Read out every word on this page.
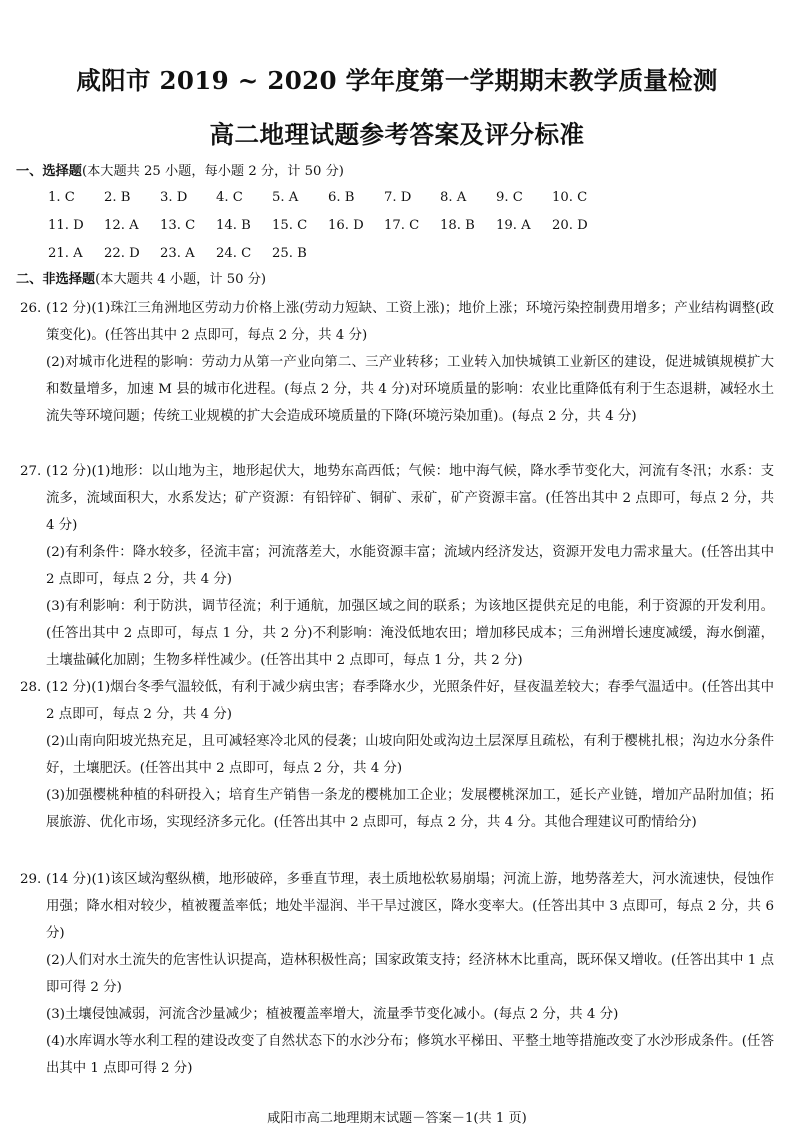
咸阳市 2019 ~ 2020 学年度第一学期期末教学质量检测
高二地理试题参考答案及评分标准
一、选择题(本大题共 25 小题，每小题 2 分，计 50 分)
1. C 2. B 3. D 4. C 5. A 6. B 7. D 8. A 9. C 10. C
11. D 12. A 13. C 14. B 15. C 16. D 17. C 18. B 19. A 20. D
21. A 22. D 23. A 24. C 25. B
二、非选择题(本大题共 4 小题，计 50 分)
26. (12 分)(1)珠江三角洲地区劳动力价格上涨(劳动力短缺、工资上涨)；地价上涨；环境污染控制费用增多；产业结构调整(政策变化)。(任答出其中 2 点即可，每点 2 分，共 4 分)
(2)对城市化进程的影响：劳动力从第一产业向第二、三产业转移；工业转入加快城镇工业新区的建设，促进城镇规模扩大和数量增多，加速 M 县的城市化进程。(每点 2 分，共 4 分)对环境质量的影响：农业比重降低有利于生态退耕，减轻水土流失等环境问题；传统工业规模的扩大会造成环境质量的下降(环境污染加重)。(每点 2 分，共 4 分)
27. (12 分)(1)地形：以山地为主，地形起伏大，地势东高西低；气候：地中海气候，降水季节变化大，河流有冬汛；水系：支流多，流域面积大，水系发达；矿产资源：有铅锌矿、铜矿、汞矿，矿产资源丰富。(任答出其中 2 点即可，每点 2 分，共 4 分)
(2)有利条件：降水较多，径流丰富；河流落差大，水能资源丰富；流域内经济发达，资源开发电力需求量大。(任答出其中 2 点即可，每点 2 分，共 4 分)
(3)有利影响：利于防洪，调节径流；利于通航，加强区域之间的联系；为该地区提供充足的电能，利于资源的开发利用。(任答出其中 2 点即可，每点 1 分，共 2 分)不利影响：淹没低地农田；增加移民成本；三角洲增长速度减缓，海水倒灌，土壤盐碱化加剧；生物多样性减少。(任答出其中 2 点即可，每点 1 分，共 2 分)
28. (12 分)(1)烟台冬季气温较低，有利于减少病虫害；春季降水少，光照条件好，昼夜温差较大；春季气温适中。(任答出其中 2 点即可，每点 2 分，共 4 分)
(2)山南向阳坡光热充足，且可减轻寒冷北风的侵袭；山坡向阳处或沟边土层深厚且疏松，有利于樱桃扎根；沟边水分条件好，土壤肥沃。(任答出其中 2 点即可，每点 2 分，共 4 分)
(3)加强樱桃种植的科研投入；培育生产销售一条龙的樱桃加工企业；发展樱桃深加工，延长产业链，增加产品附加值；拓展旅游、优化市场，实现经济多元化。(任答出其中 2 点即可，每点 2 分，共 4 分。其他合理建议可酌情给分)
29. (14 分)(1)该区域沟壑纵横，地形破碎，多垂直节理，表土质地松软易崩塌；河流上游，地势落差大，河水流速快，侵蚀作用强；降水相对较少，植被覆盖率低；地处半湿润、半干旱过渡区，降水变率大。(任答出其中 3 点即可，每点 2 分，共 6 分)
(2)人们对水土流失的危害性认识提高，造林积极性高；国家政策支持；经济林木比重高，既环保又增收。(任答出其中 1 点即可得 2 分)
(3)土壤侵蚀减弱，河流含沙量减少；植被覆盖率增大，流量季节变化减小。(每点 2 分，共 4 分)
(4)水库调水等水利工程的建设改变了自然状态下的水沙分布；修筑水平梯田、平整土地等措施改变了水沙形成条件。(任答出其中 1 点即可得 2 分)
咸阳市高二地理期末试题－答案－1(共 1 页)
